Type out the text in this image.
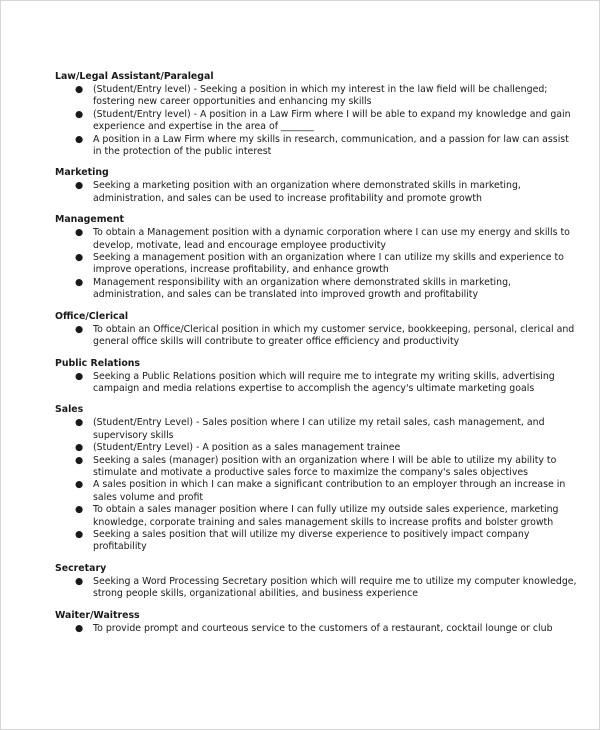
Law/Legal Assistant/Paralegal
● (Student/Entry level) - Seeking a position in which my interest in the law field will be challenged; fostering new career opportunities and enhancing my skills
● (Student/Entry level) - A position in a Law Firm where I will be able to expand my knowledge and gain experience and expertise in the area of _______
● A position in a Law Firm where my skills in research, communication, and a passion for law can assist in the protection of the public interest
Marketing
● Seeking a marketing position with an organization where demonstrated skills in marketing, administration, and sales can be used to increase profitability and promote growth
Management
● To obtain a Management position with a dynamic corporation where I can use my energy and skills to develop, motivate, lead and encourage employee productivity
● Seeking a management position with an organization where I can utilize my skills and experience to improve operations, increase profitability, and enhance growth
● Management responsibility with an organization where demonstrated skills in marketing, administration, and sales can be translated into improved growth and profitability
Office/Clerical
● To obtain an Office/Clerical position in which my customer service, bookkeeping, personal, clerical and general office skills will contribute to greater office efficiency and productivity
Public Relations
● Seeking a Public Relations position which will require me to integrate my writing skills, advertising campaign and media relations expertise to accomplish the agency's ultimate marketing goals
Sales
● (Student/Entry Level) - Sales position where I can utilize my retail sales, cash management, and supervisory skills
● (Student/Entry Level) - A position as a sales management trainee
● Seeking a sales (manager) position with an organization where I will be able to utilize my ability to stimulate and motivate a productive sales force to maximize the company's sales objectives
● A sales position in which I can make a significant contribution to an employer through an increase in sales volume and profit
● To obtain a sales manager position where I can fully utilize my outside sales experience, marketing knowledge, corporate training and sales management skills to increase profits and bolster growth
● Seeking a sales position that will utilize my diverse experience to positively impact company profitability
Secretary
● Seeking a Word Processing Secretary position which will require me to utilize my computer knowledge, strong people skills, organizational abilities, and business experience
Waiter/Waitress
● To provide prompt and courteous service to the customers of a restaurant, cocktail lounge or club
